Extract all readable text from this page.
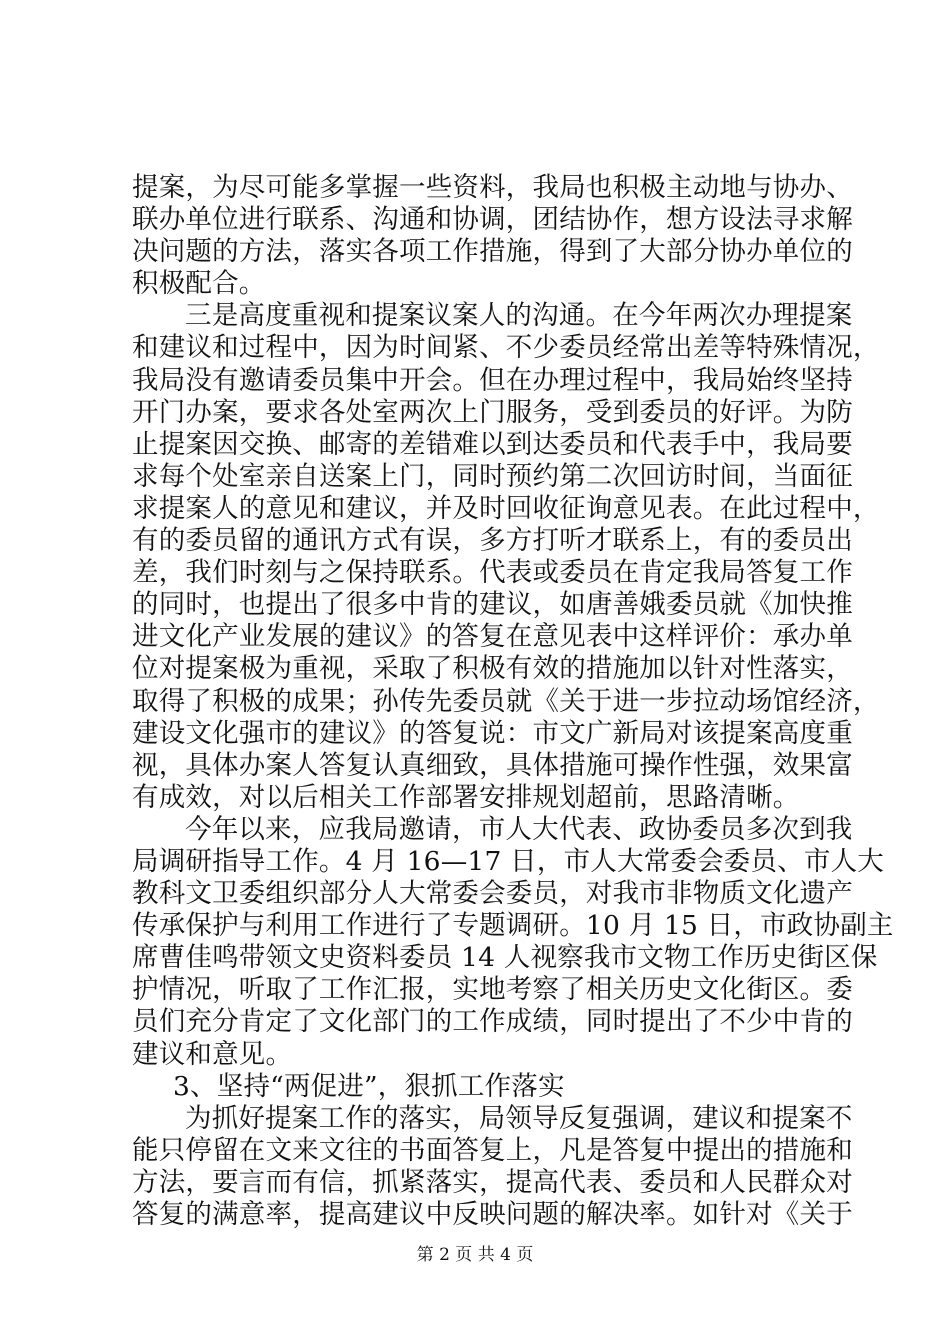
提案，为尽可能多掌握一些资料，我局也积极主动地与协办、
联办单位进行联系、沟通和协调，团结协作，想方设法寻求解
决问题的方法，落实各项工作措施，得到了大部分协办单位的
积极配合。
三是高度重视和提案议案人的沟通。在今年两次办理提案
和建议和过程中，因为时间紧、不少委员经常出差等特殊情况，
我局没有邀请委员集中开会。但在办理过程中，我局始终坚持
开门办案，要求各处室两次上门服务，受到委员的好评。为防
止提案因交换、邮寄的差错难以到达委员和代表手中，我局要
求每个处室亲自送案上门，同时预约第二次回访时间，当面征
求提案人的意见和建议，并及时回收征询意见表。在此过程中，
有的委员留的通讯方式有误，多方打听才联系上，有的委员出
差，我们时刻与之保持联系。代表或委员在肯定我局答复工作
的同时，也提出了很多中肯的建议，如唐善娥委员就《加快推
进文化产业发展的建议》的答复在意见表中这样评价：承办单
位对提案极为重视，采取了积极有效的措施加以针对性落实，
取得了积极的成果；孙传先委员就《关于进一步拉动场馆经济，
建设文化强市的建议》的答复说：市文广新局对该提案高度重
视，具体办案人答复认真细致，具体措施可操作性强，效果富
有成效，对以后相关工作部署安排规划超前，思路清晰。
今年以来，应我局邀请，市人大代表、政协委员多次到我
局调研指导工作。4 月 16—17 日，市人大常委会委员、市人大
教科文卫委组织部分人大常委会委员，对我市非物质文化遗产
传承保护与利用工作进行了专题调研。10 月 15 日，市政协副主
席曹佳鸣带领文史资料委员 14 人视察我市文物工作历史街区保
护情况，听取了工作汇报，实地考察了相关历史文化街区。委
员们充分肯定了文化部门的工作成绩，同时提出了不少中肯的
建议和意见。
3、坚持“两促进”，狠抓工作落实
为抓好提案工作的落实，局领导反复强调，建议和提案不
能只停留在文来文往的书面答复上，凡是答复中提出的措施和
方法，要言而有信，抓紧落实，提高代表、委员和人民群众对
答复的满意率，提高建议中反映问题的解决率。如针对《关于
第 2 页 共 4 页
